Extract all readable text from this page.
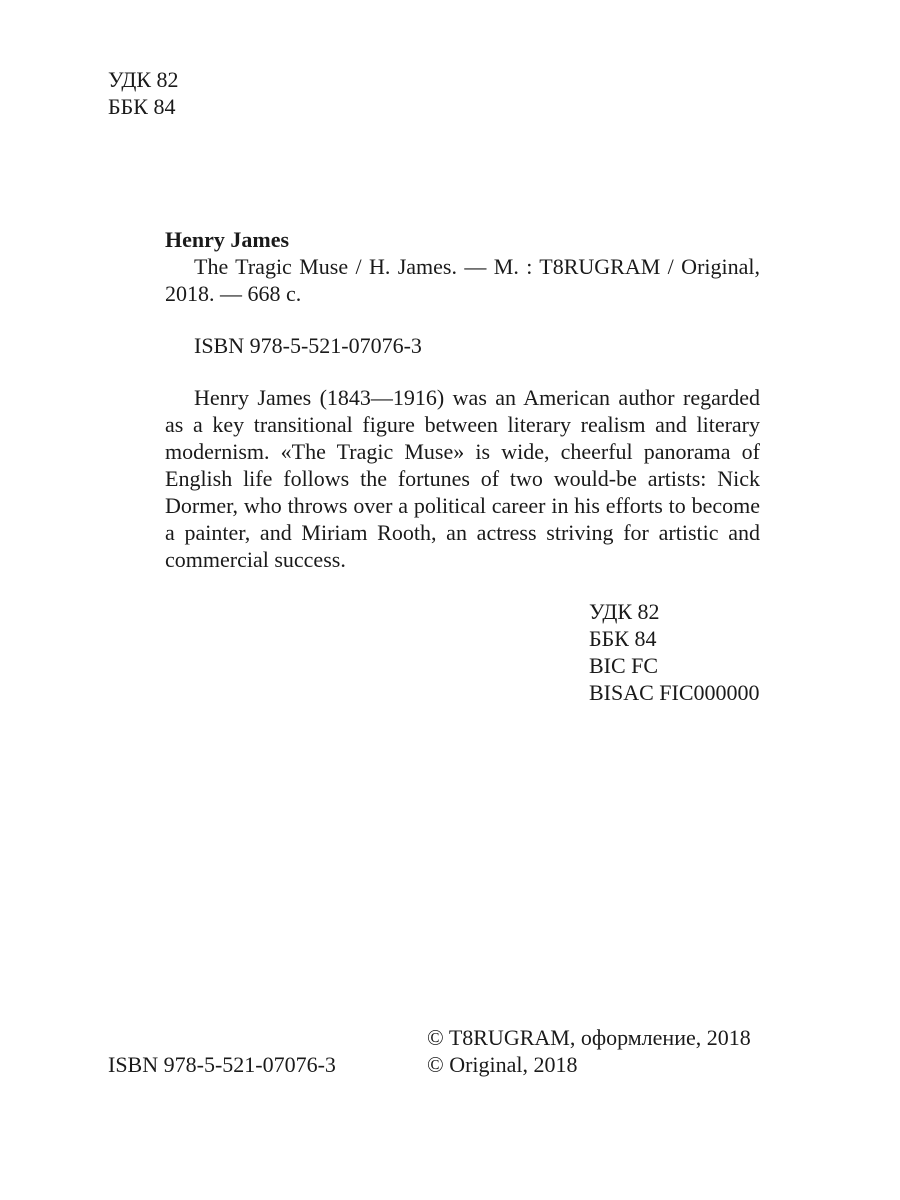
УДК 82
ББК 84
Henry James

The Tragic Muse / H. James. — M. : T8RUGRAM / Original, 2018. — 668 c.

ISBN 978-5-521-07076-3

Henry James (1843—1916) was an American author regarded as a key transitional figure between literary realism and literary modernism. «The Tragic Muse» is wide, cheerful panorama of English life follows the fortunes of two would-be artists: Nick Dormer, who throws over a political career in his efforts to become a painter, and Miriam Rooth, an actress striving for artistic and commercial success.

УДК 82
ББК 84
BIC FC
BISAC FIC000000
© T8RUGRAM, оформление, 2018
© Original, 2018
ISBN 978-5-521-07076-3
